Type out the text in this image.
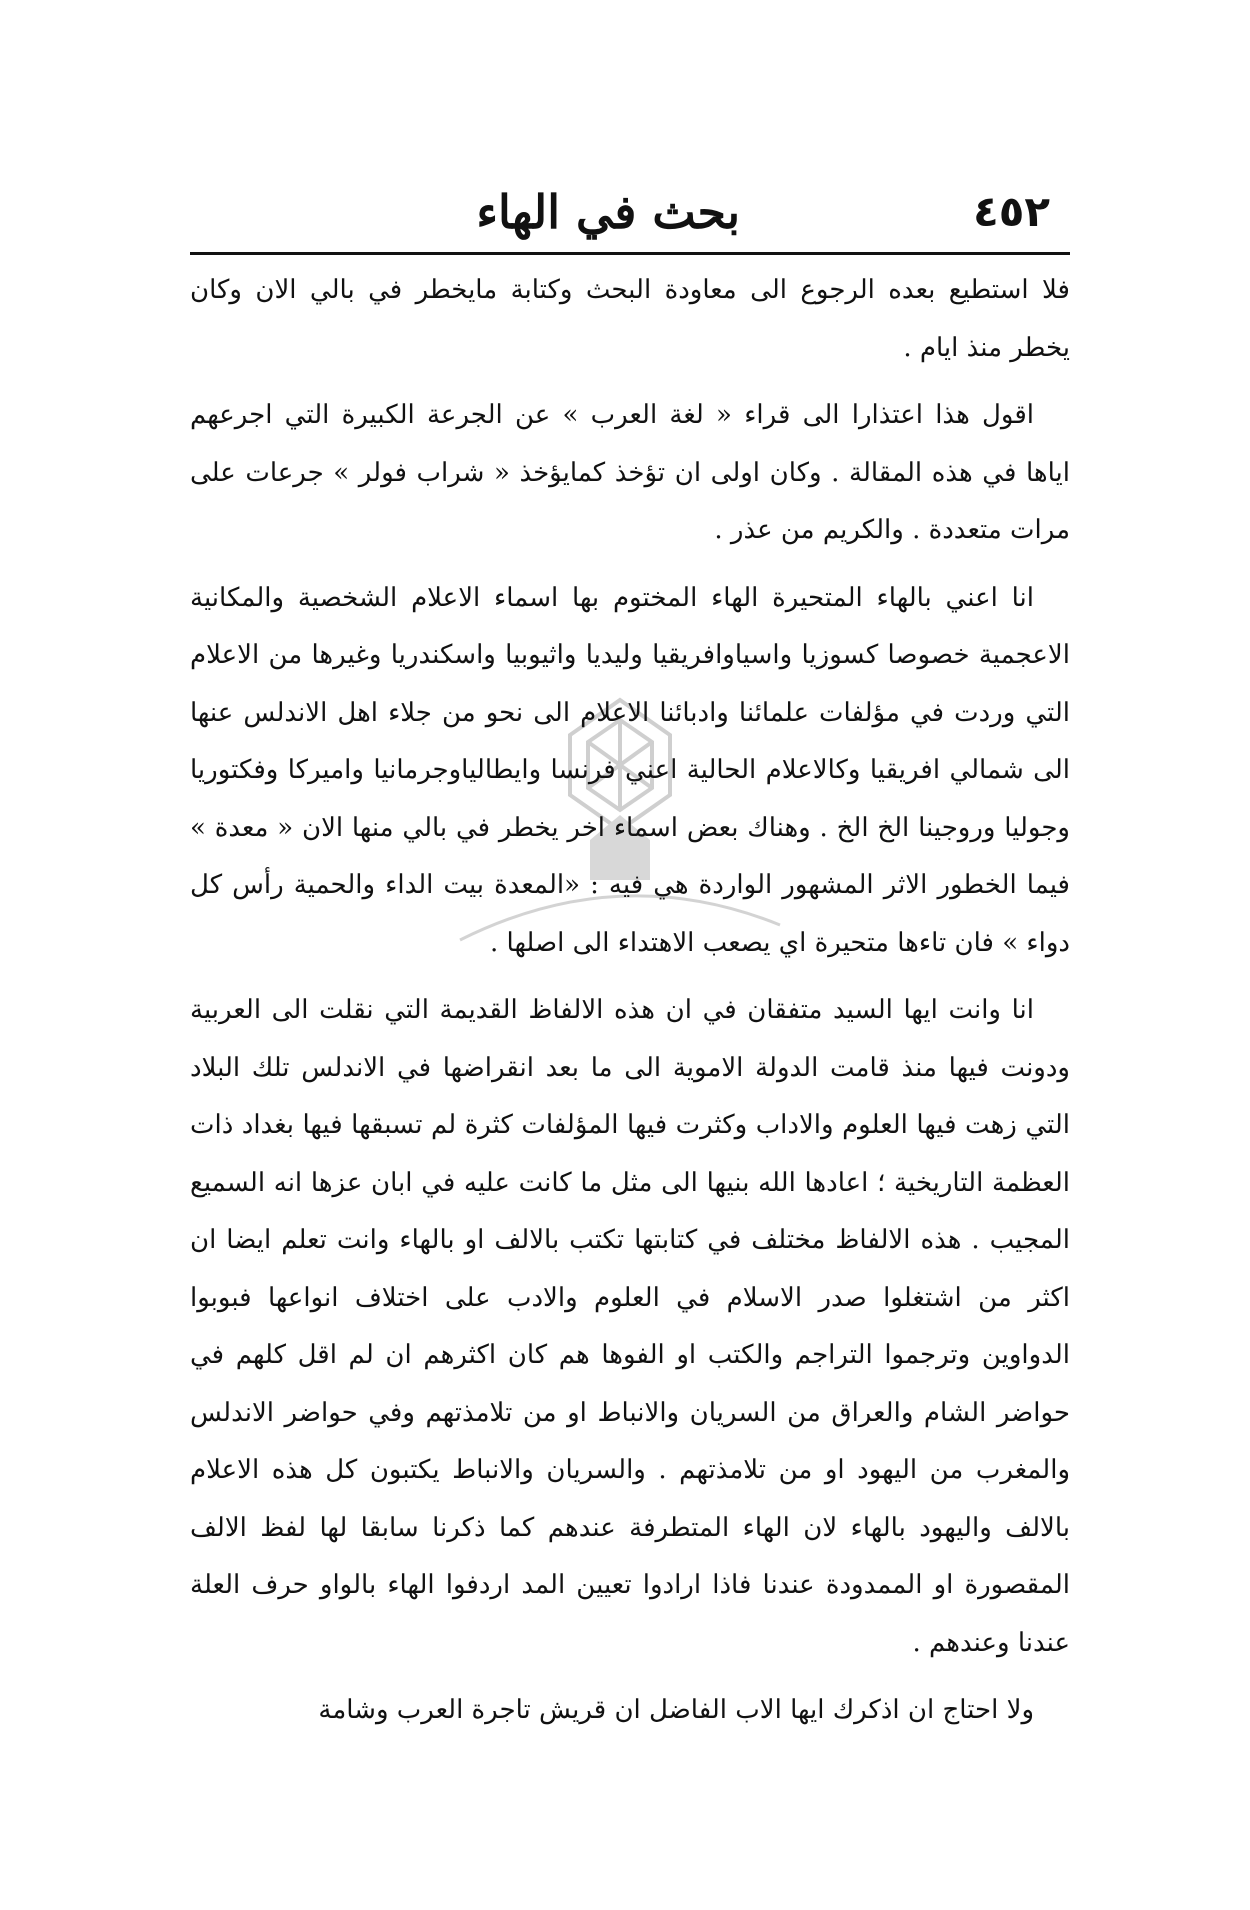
٤٥٢
بحث في الهاء

فلا استطيع بعده الرجوع الى معاودة البحث وكتابة مايخطر في بالي الان وكان يخطر منذ ايام .

اقول هذا اعتذارا الى قراء « لغة العرب » عن الجرعة الكبيرة التي اجرعهم اياها في هذه المقالة . وكان اولى ان تؤخذ كمايؤخذ « شراب فولر » جرعات على مرات متعددة . والكريم من عذر .

انا اعني بالهاء المتحيرة الهاء المختوم بها اسماء الاعلام الشخصية والمكانية الاعجمية خصوصا كسوزيا واسياوافريقيا وليديا واثيوبيا واسكندريا وغيرها من الاعلام التي وردت في مؤلفات علمائنا وادبائنا الاعلام الى نحو من جلاء اهل الاندلس عنها الى شمالي افريقيا وكالاعلام الحالية اعني فرنسا وايطالياوجرمانيا واميركا وفكتوريا وجوليا وروجينا الخ الخ . وهناك بعض اسماء اخر يخطر في بالي منها الان « معدة » فيما الخطور الاثر المشهور الواردة هي فيه : «المعدة بيت الداء والحمية رأس كل دواء » فان تاءها متحيرة اي يصعب الاهتداء الى اصلها .

انا وانت ايها السيد متفقان في ان هذه الالفاظ القديمة التي نقلت الى العربية ودونت فيها منذ قامت الدولة الاموية الى ما بعد انقراضها في الاندلس تلك البلاد التي زهت فيها العلوم والاداب وكثرت فيها المؤلفات كثرة لم تسبقها فيها بغداد ذات العظمة التاريخية ؛ اعادها الله بنيها الى مثل ما كانت عليه في ابان عزها انه السميع المجيب . هذه الالفاظ مختلف في كتابتها تكتب بالالف او بالهاء وانت تعلم ايضا ان اكثر من اشتغلوا صدر الاسلام في العلوم والادب على اختلاف انواعها فبوبوا الدواوين وترجموا التراجم والكتب او الفوها هم كان اكثرهم ان لم اقل كلهم في حواضر الشام والعراق من السريان والانباط او من تلامذتهم وفي حواضر الاندلس والمغرب من اليهود او من تلامذتهم . والسريان والانباط يكتبون كل هذه الاعلام بالالف واليهود بالهاء لان الهاء المتطرفة عندهم كما ذكرنا سابقا لها لفظ الالف المقصورة او الممدودة عندنا فاذا ارادوا تعيين المد اردفوا الهاء بالواو حرف العلة عندنا وعندهم .

ولا احتاج ان اذكرك ايها الاب الفاضل ان قريش تاجرة العرب وشامة
